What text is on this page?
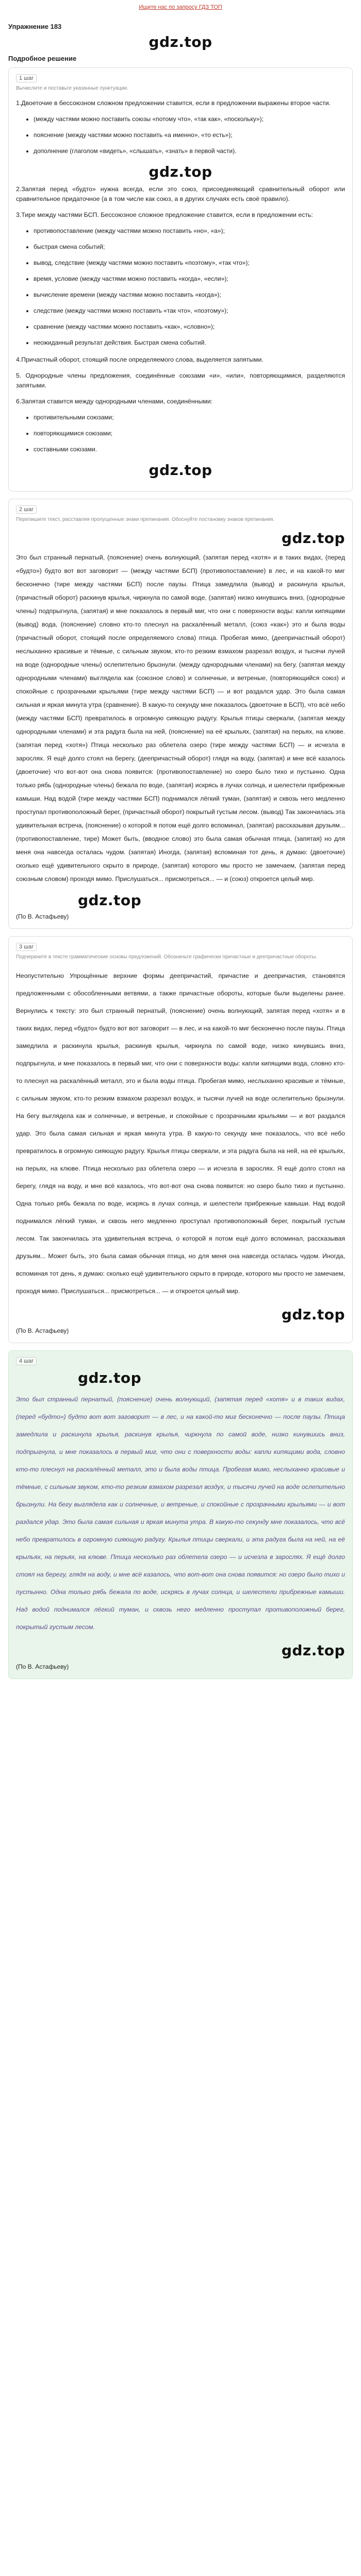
Ищите нас по запросу ГДЗ ТОП
Упражнение 183
gdz.top
Подробное решение
1 шаг
Вычислите и поставьте указанные пунктуации.
1.Двоеточие в бессоюзном сложном предложении ставится, если в предложении выражены второе части.
• (между частями можно поставить союзы «потому что», «так как», «поскольку»);
• пояснение (между частями можно поставить «а именно», «то есть»);
• дополнение (глаголом «видеть», «слышать», «знать» в первой части).
gdz.top
2.Запятая перед «будто» нужна всегда, если это союз, присоединяющий сравнительный оборот или сравнительное придаточное (а в том числе как союз, а в других случаях есть своё правило).
3.Тире между частями БСП. Бессоюзное сложное предложение ставится, если в предложении есть:
• противопоставление (между частями можно поставить «но», «а»);
• быстрая смена событий;
• вывод, следствие (между частями можно поставить «поэтому», «так что»);
• время, условие (между частями можно поставить «когда», «если»);
• вычисление времени (между частями можно поставить «когда»);
• следствие (между частями можно поставить «так что», «поэтому»);
• сравнение (между частями можно поставить «как», «словно»);
• неожиданный результат действия. Быстрая смена событий.
4.Причастный оборот, стоящий после определяемого слова, выделяется запятыми.
5. Однородные члены предложения, соединённые союзами «и», «или», повторяющимися, разделяются запятыми.
6.Запятая ставится между однородными членами, соединёнными:
• противительными союзами;
• повторяющимися союзами;
• составными союзами.
gdz.top
2 шаг
Перепишите текст, расставляя пропущенные знаки препинания. Обоснуйте постановку знаков препинания.
gdz.top
Это был странный пернатый, (пояснение) очень волнующий, (запятая перед «хотя» и в таких видах, (перед «будто») будто вот вот заговорит — (между частями БСП) (противопоставление) в лес, и на какой-то миг бесконечно (тире между частями БСП) после паузы. Птица замедлила (вывод) и раскинула крылья, (причастный оборот) раскинув крылья, чиркнула по самой воде, (запятая) низко кинувшись вниз, (однородные члены) подпрыгнула, (запятая) и мне показалось в первый миг, что они с поверхности воды: капли кипящими (вывод) вода, (пояснение) словно кто-то плеснул на раскалённый металл, (союз «как») это и была воды (причастный оборот, стоящий после определяемого слова) птица. Пробегая мимо, (деепричастный оборот) неслыханно красивые и тёмные, с сильным звуком, кто-то резким взмахом разрезал воздух, и тысячи лучей на воде (однородные члены) ослепительно брызнули. (между однородными членами) на бегу, (запятая между однородными членами) выглядела как (союзное слово) и солнечные, и ветреные, (повторяющийся союз) и спокойные с прозрачными крыльями (тире между частями БСП) — и вот раздался удар. Это была самая сильная и яркая минута утра (сравнение). В какую-то секунду мне показалось (двоеточие в БСП), что всё небо (между частями БСП) превратилось в огромную сияющую радугу. Крылья птицы сверкали, (запятая между однородными членами) и эта радуга была на ней, (пояснение) на её крыльях, (запятая) на перьях, на клюве. (запятая перед «хотя») Птица несколько раз облетела озеро (тире между частями БСП) — и исчезла в зарослях. Я ещё долго стоял на берегу, (деепричастный оборот) глядя на воду, (запятая) и мне всё казалось (двоеточие) что вот-вот она снова появится: (противопоставление) но озеро было тихо и пустынно. Одна только рябь (однородные члены) бежала по воде, (запятая) искрясь в лучах солнца, и шелестели прибрежные камыши. Над водой (тире между частями БСП) поднимался лёгкий туман, (запятая) и сквозь него медленно проступал противоположный берег, (причастный оборот) покрытый густым лесом. (вывод) Так закончилась эта удивительная встреча, (пояснение) о которой я потом ещё долго вспоминал, (запятая) рассказывая друзьям... (противопоставление, тире) Может быть, (вводное слово) это была самая обычная птица, (запятая) но для меня она навсегда осталась чудом. (запятая) Иногда, (запятая) вспоминая тот день, я думаю: (двоеточие) сколько ещё удивительного скрыто в природе, (запятая) которого мы просто не замечаем, (запятая перед союзным словом) проходя мимо. Прислушаться... присмотреться... — и (союз) откроется целый мир.
gdz.top
(По В. Астафьеву)
3 шаг
Подчеркните в тексте грамматические основы предложений. Обозначьте графически причастные и деепричастные обороты.
Неопустительно Упрощённые верхние формы деепричастий, причастие и деепричастия, становятся предложенными с обособленными ветвями, а также причастные обороты, которые были выделены ранее. Вернулись к тексту: это был странный пернатый, (пояснение) очень волнующий, запятая перед «хотя» и в таких видах, перед «будто» будто вот вот заговорит — в лес, и на какой-то миг бесконечно после паузы. Птица замедлила и раскинула крылья, раскинув крылья, чиркнула по самой воде, низко кинувшись вниз, подпрыгнула, и мне показалось в первый миг, что они с поверхности воды: капли кипящими вода, словно кто-то плеснул на раскалённый металл, это и была воды птица. Пробегая мимо, неслыханно красивые и тёмные, с сильным звуком, кто-то резким взмахом разрезал воздух, и тысячи лучей на воде ослепительно брызнули. На бегу выглядела как и солнечные, и ветреные, и спокойные с прозрачными крыльями — и вот раздался удар. Это была самая сильная и яркая минута утра. В какую-то секунду мне показалось, что всё небо превратилось в огромную сияющую радугу. Крылья птицы сверкали, и эта радуга была на ней, на её крыльях, на перьях, на клюве. Птица несколько раз облетела озеро — и исчезла в зарослях. Я ещё долго стоял на берегу, глядя на воду, и мне всё казалось, что вот-вот она снова появится: но озеро было тихо и пустынно. Одна только рябь бежала по воде, искрясь в лучах солнца, и шелестели прибрежные камыши. Над водой поднимался лёгкий туман, и сквозь него медленно проступал противоположный берег, покрытый густым лесом. Так закончилась эта удивительная встреча, о которой я потом ещё долго вспоминал, рассказывая друзьям... Может быть, это была самая обычная птица, но для меня она навсегда осталась чудом. Иногда, вспоминая тот день, я думаю: сколько ещё удивительного скрыто в природе, которого мы просто не замечаем, проходя мимо. Прислушаться... присмотреться... — и откроется целый мир.
gdz.top
(По В. Астафьеву)
4 шаг
gdz.top
Это был странный пернатый, (пояснение) очень волнующий, (запятая перед «хотя» и в таких видах, (перед «будто») будто вот вот заговорит — в лес, и на какой-то миг бесконечно — после паузы. Птица замедлила и раскинула крылья, раскинув крылья, чиркнула по самой воде, низко кинувшись вниз, подпрыгнула, и мне показалось в первый миг, что они с поверхности воды: капли кипящими вода, словно кто-то плеснул на раскалённый металл, это и была воды птица. Пробегая мимо, неслыханно красивые и тёмные, с сильным звуком, кто-то резким взмахом разрезал воздух, и тысячи лучей на воде ослепительно брызнули. На бегу выглядела как и солнечные, и ветреные, и спокойные с прозрачными крыльями — и вот раздался удар. Это была самая сильная и яркая минута утра. В какую-то секунду мне показалось, что всё небо превратилось в огромную сияющую радугу. Крылья птицы сверкали, и эта радуга была на ней, на её крыльях, на перьях, на клюве. Птица несколько раз облетела озеро — и исчезла в зарослях. Я ещё долго стоял на берегу, глядя на воду, и мне всё казалось, что вот-вот она снова появится: но озеро было тихо и пустынно. Одна только рябь бежала по воде, искрясь в лучах солнца, и шелестели прибрежные камыши. Над водой поднимался лёгкий туман, и сквозь него медленно проступал противоположный берег, покрытый густым лесом.
gdz.top
(По В. Астафьеву)
